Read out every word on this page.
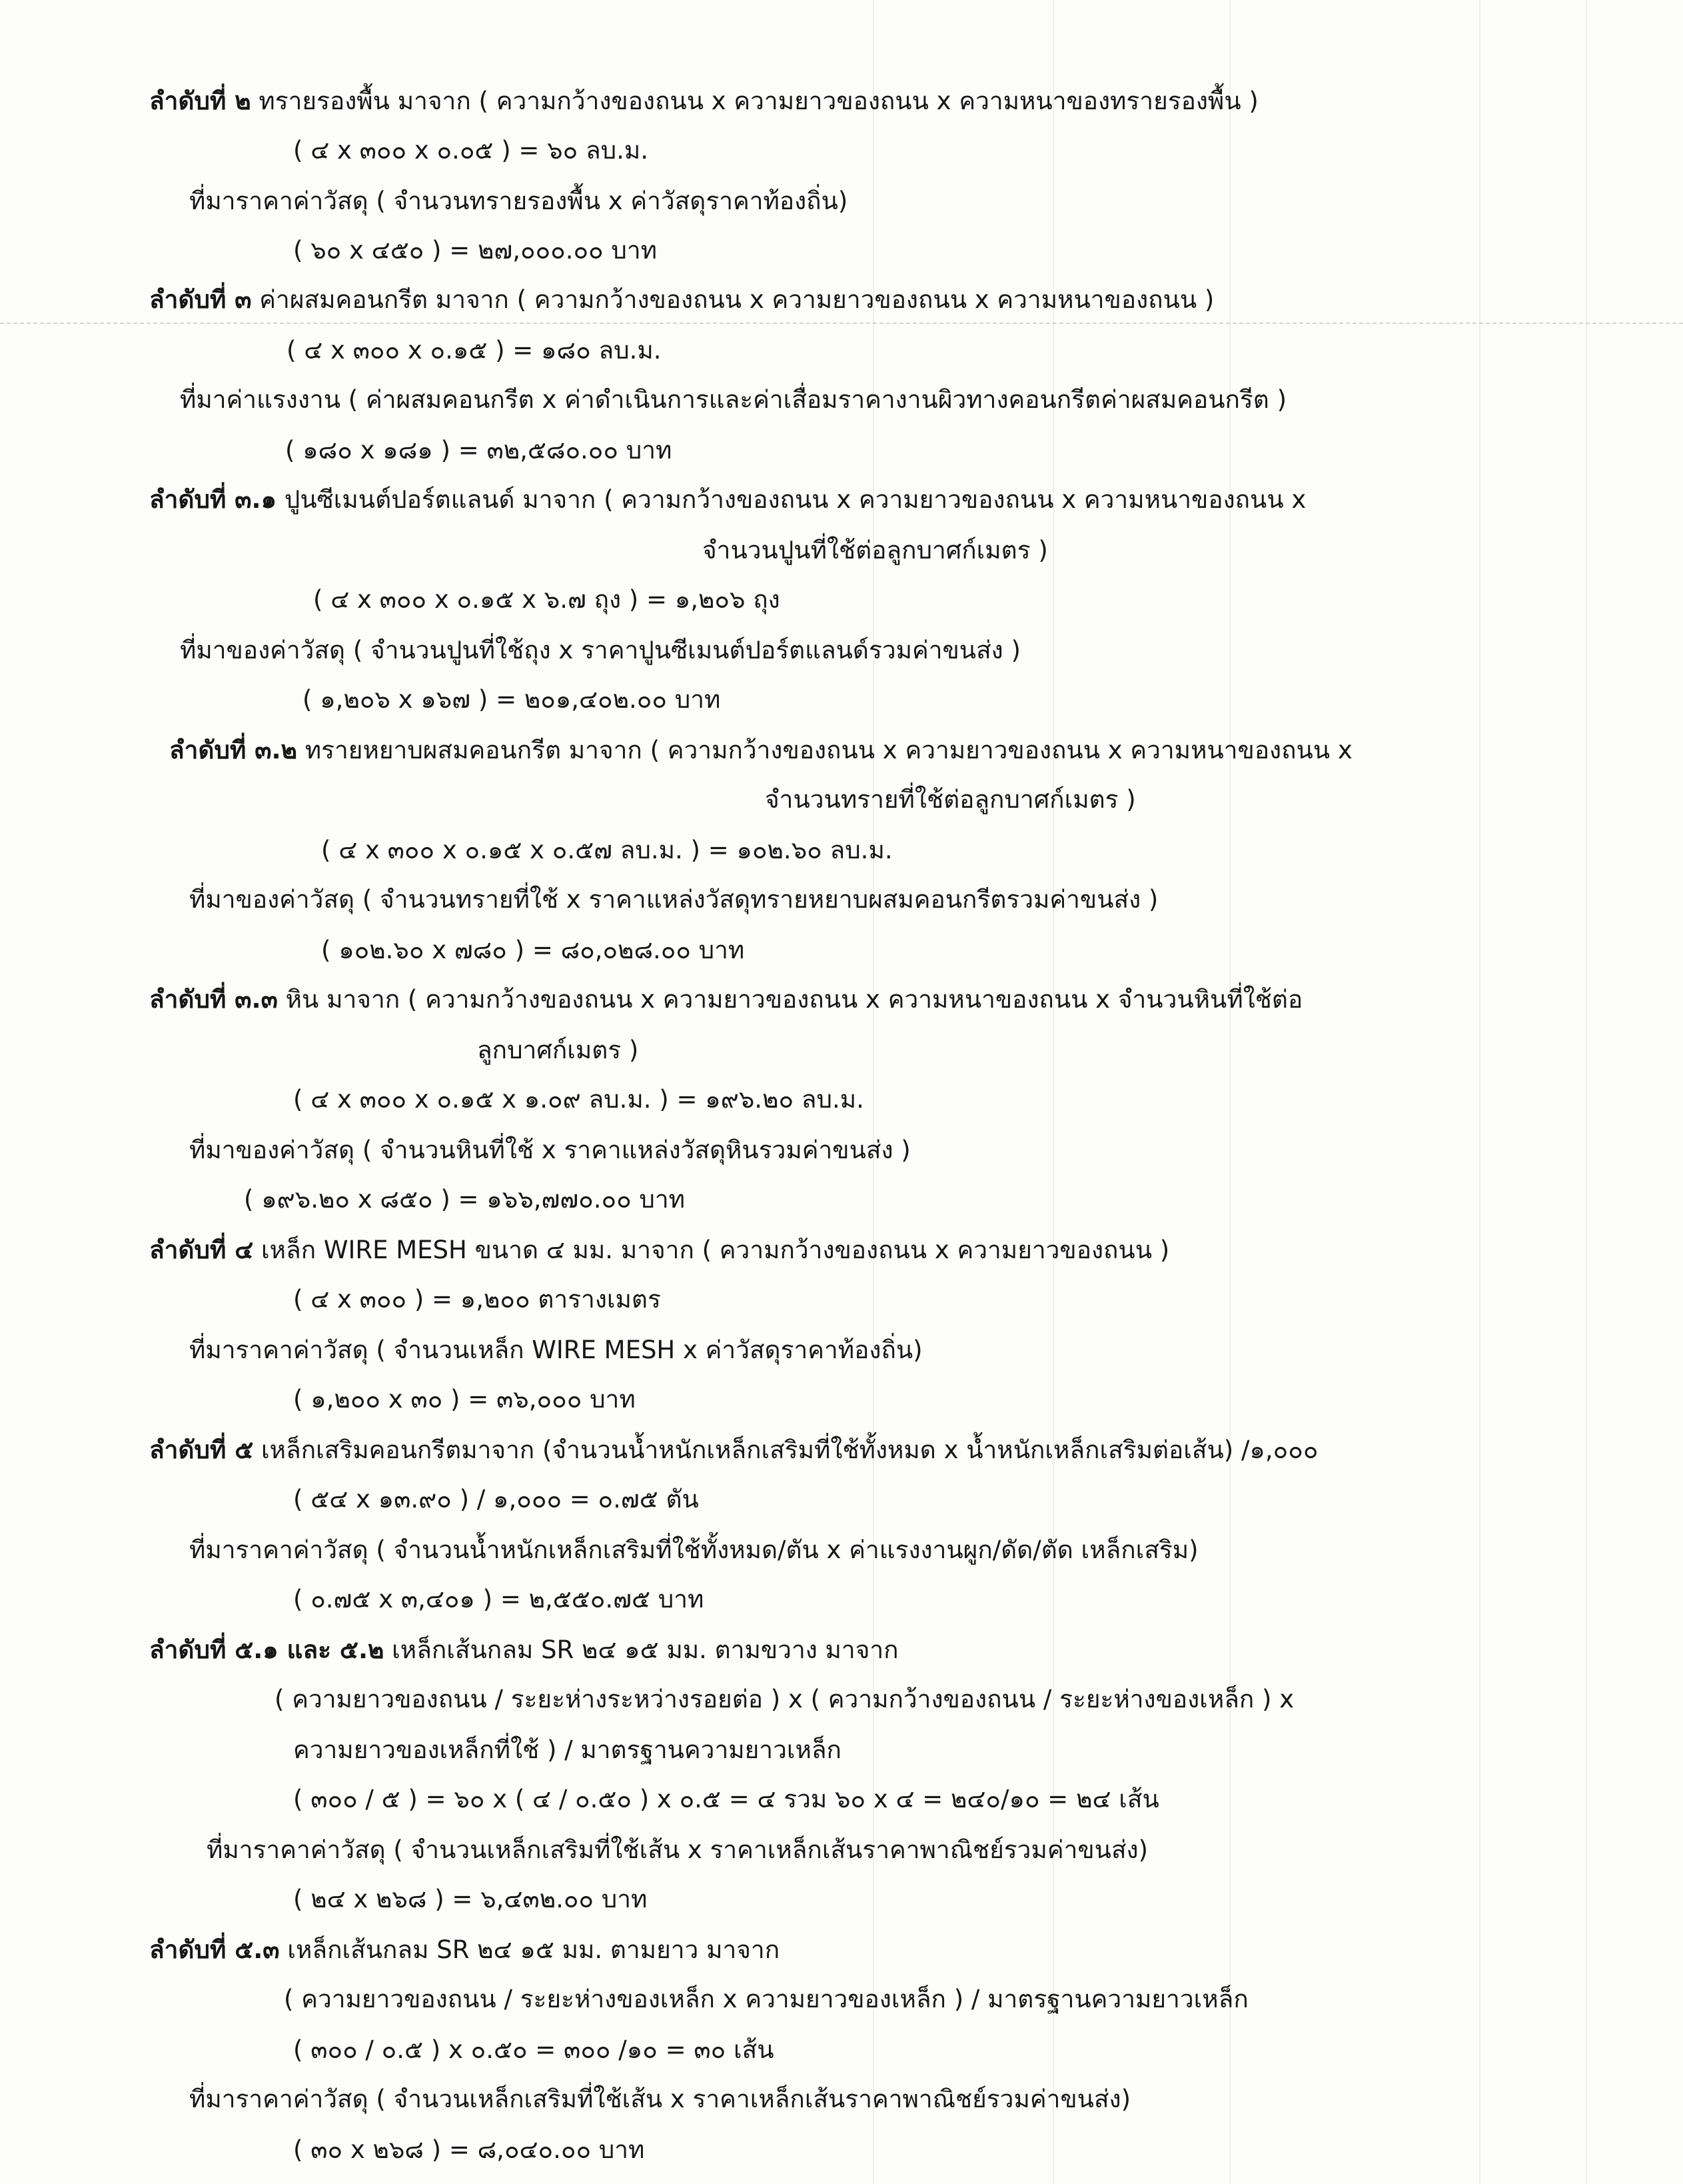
ลำดับที่ ๒ ทรายรองพื้น มาจาก ( ความกว้างของถนน x ความยาวของถนน x ความหนาของทรายรองพื้น )
( ๔ x ๓๐๐ x ๐.๐๕ ) = ๖๐ ลบ.ม.
ที่มาราคาค่าวัสดุ ( จำนวนทรายรองพื้น x ค่าวัสดุราคาท้องถิ่น)
( ๖๐ x ๔๕๐ ) = ๒๗,๐๐๐.๐๐ บาท
ลำดับที่ ๓ ค่าผสมคอนกรีต มาจาก ( ความกว้างของถนน x ความยาวของถนน x ความหนาของถนน )
( ๔ x ๓๐๐ x ๐.๑๕ ) = ๑๘๐ ลบ.ม.
ที่มาค่าแรงงาน ( ค่าผสมคอนกรีต x ค่าดำเนินการและค่าเสื่อมราคางานผิวทางคอนกรีตค่าผสมคอนกรีต )
( ๑๘๐ x ๑๘๑ ) = ๓๒,๕๘๐.๐๐ บาท
ลำดับที่ ๓.๑ ปูนซีเมนต์ปอร์ตแลนด์ มาจาก ( ความกว้างของถนน x ความยาวของถนน x ความหนาของถนน x
จำนวนปูนที่ใช้ต่อลูกบาศก์เมตร )
( ๔ x ๓๐๐ x ๐.๑๕ x ๖.๗ ถุง ) = ๑,๒๐๖ ถุง
ที่มาของค่าวัสดุ ( จำนวนปูนที่ใช้ถุง x ราคาปูนซีเมนต์ปอร์ตแลนด์รวมค่าขนส่ง )
( ๑,๒๐๖ x ๑๖๗ ) = ๒๐๑,๔๐๒.๐๐ บาท
ลำดับที่ ๓.๒ ทรายหยาบผสมคอนกรีต มาจาก ( ความกว้างของถนน x ความยาวของถนน x ความหนาของถนน x
จำนวนทรายที่ใช้ต่อลูกบาศก์เมตร )
( ๔ x ๓๐๐ x ๐.๑๕ x ๐.๕๗ ลบ.ม. ) = ๑๐๒.๖๐ ลบ.ม.
ที่มาของค่าวัสดุ ( จำนวนทรายที่ใช้ x ราคาแหล่งวัสดุทรายหยาบผสมคอนกรีตรวมค่าขนส่ง )
( ๑๐๒.๖๐ x ๗๘๐ ) = ๘๐,๐๒๘.๐๐ บาท
ลำดับที่ ๓.๓ หิน มาจาก ( ความกว้างของถนน x ความยาวของถนน x ความหนาของถนน x จำนวนหินที่ใช้ต่อ
ลูกบาศก์เมตร )
( ๔ x ๓๐๐ x ๐.๑๕ x ๑.๐๙ ลบ.ม. ) = ๑๙๖.๒๐ ลบ.ม.
ที่มาของค่าวัสดุ ( จำนวนหินที่ใช้ x ราคาแหล่งวัสดุหินรวมค่าขนส่ง )
( ๑๙๖.๒๐ x ๘๕๐ ) = ๑๖๖,๗๗๐.๐๐ บาท
ลำดับที่ ๔ เหล็ก WIRE MESH ขนาด ๔ มม. มาจาก ( ความกว้างของถนน x ความยาวของถนน )
( ๔ x ๓๐๐ ) = ๑,๒๐๐ ตารางเมตร
ที่มาราคาค่าวัสดุ ( จำนวนเหล็ก WIRE MESH x ค่าวัสดุราคาท้องถิ่น)
( ๑,๒๐๐ x ๓๐ ) = ๓๖,๐๐๐ บาท
ลำดับที่ ๕ เหล็กเสริมคอนกรีตมาจาก (จำนวนน้ำหนักเหล็กเสริมที่ใช้ทั้งหมด x น้ำหนักเหล็กเสริมต่อเส้น) /๑,๐๐๐
( ๕๔ x ๑๓.๙๐ ) / ๑,๐๐๐ = ๐.๗๕ ตัน
ที่มาราคาค่าวัสดุ ( จำนวนน้ำหนักเหล็กเสริมที่ใช้ทั้งหมด/ตัน x ค่าแรงงานผูก/ดัด/ตัด เหล็กเสริม)
( ๐.๗๕ x ๓,๔๐๑ ) = ๒,๕๕๐.๗๕ บาท
ลำดับที่ ๕.๑ และ ๕.๒ เหล็กเส้นกลม SR ๒๔ ๑๕ มม. ตามขวาง มาจาก
( ความยาวของถนน / ระยะห่างระหว่างรอยต่อ ) x ( ความกว้างของถนน / ระยะห่างของเหล็ก ) x
ความยาวของเหล็กที่ใช้ ) / มาตรฐานความยาวเหล็ก
( ๓๐๐ / ๕ ) = ๖๐ x ( ๔ / ๐.๕๐ ) x ๐.๕ = ๔ รวม ๖๐ x ๔ = ๒๔๐/๑๐ = ๒๔ เส้น
ที่มาราคาค่าวัสดุ ( จำนวนเหล็กเสริมที่ใช้เส้น x ราคาเหล็กเส้นราคาพาณิชย์รวมค่าขนส่ง)
( ๒๔ x ๒๖๘ ) = ๖,๔๓๒.๐๐ บาท
ลำดับที่ ๕.๓ เหล็กเส้นกลม SR ๒๔ ๑๕ มม. ตามยาว มาจาก
( ความยาวของถนน / ระยะห่างของเหล็ก x ความยาวของเหล็ก ) / มาตรฐานความยาวเหล็ก
( ๓๐๐ / ๐.๕ ) x ๐.๕๐ = ๓๐๐ /๑๐ = ๓๐ เส้น
ที่มาราคาค่าวัสดุ ( จำนวนเหล็กเสริมที่ใช้เส้น x ราคาเหล็กเส้นราคาพาณิชย์รวมค่าขนส่ง)
( ๓๐ x ๒๖๘ ) = ๘,๐๔๐.๐๐ บาท
